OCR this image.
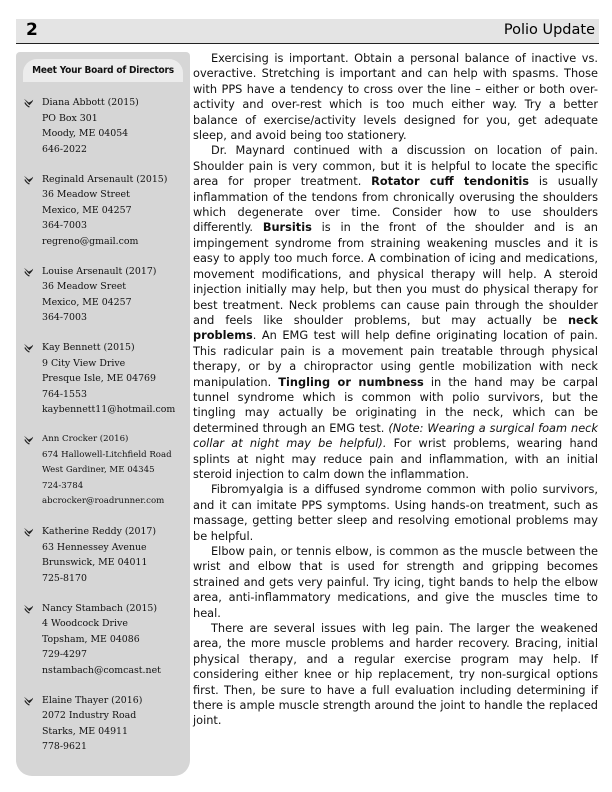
2	Polio Update
Meet Your Board of Directors
Diana Abbott (2015)
PO Box 301
Moody, ME 04054
646-2022
Reginald Arsenault (2015)
36 Meadow Street
Mexico, ME 04257
364-7003
regreno@gmail.com
Louise Arsenault (2017)
36 Meadow Sreet
Mexico, ME 04257
364-7003
Kay Bennett (2015)
9 City View Drive
Presque Isle, ME 04769
764-1553
kaybennett11@hotmail.com
Ann Crocker (2016)
674 Hallowell-Litchfield Road
West Gardiner, ME 04345
724-3784
abcrocker@roadrunner.com
Katherine Reddy (2017)
63 Hennessey Avenue
Brunswick, ME 04011
725-8170
Nancy Stambach (2015)
4 Woodcock Drive
Topsham, ME 04086
729-4297
nstambach@comcast.net
Elaine Thayer (2016)
2072 Industry Road
Starks, ME 04911
778-9621

Exercising is important. Obtain a personal balance of inactive vs. overactive. Stretching is important and can help with spasms. Those with PPS have a tendency to cross over the line – either or both over-activity and over-rest which is too much either way. Try a better balance of exercise/activity levels designed for you, get adequate sleep, and avoid being too stationery.

Dr. Maynard continued with a discussion on location of pain. Shoulder pain is very common, but it is helpful to locate the specific area for proper treatment. Rotator cuff tendonitis is usually inflammation of the tendons from chronically overusing the shoulders which degenerate over time. Consider how to use shoulders differently. Bursitis is in the front of the shoulder and is an impingement syndrome from straining weakening muscles and it is easy to apply too much force. A combination of icing and medications, movement modifications, and physical therapy will help. A steroid injection initially may help, but then you must do physical therapy for best treatment. Neck problems can cause pain through the shoulder and feels like shoulder problems, but may actually be neck problems. An EMG test will help define originating location of pain. This radicular pain is a movement pain treatable through physical therapy, or by a chiropractor using gentle mobilization with neck manipulation. Tingling or numbness in the hand may be carpal tunnel syndrome which is common with polio survivors, but the tingling may actually be originating in the neck, which can be determined through an EMG test. (Note: Wearing a surgical foam neck collar at night may be helpful). For wrist problems, wearing hand splints at night may reduce pain and inflammation, with an initial steroid injection to calm down the inflammation.

Fibromyalgia is a diffused syndrome common with polio survivors, and it can imitate PPS symptoms. Using hands-on treatment, such as massage, getting better sleep and resolving emotional problems may be helpful.

Elbow pain, or tennis elbow, is common as the muscle between the wrist and elbow that is used for strength and gripping becomes strained and gets very painful. Try icing, tight bands to help the elbow area, anti-inflammatory medications, and give the muscles time to heal.

There are several issues with leg pain. The larger the weakened area, the more muscle problems and harder recovery. Bracing, initial physical therapy, and a regular exercise program may help. If considering either knee or hip replacement, try non-surgical options first. Then, be sure to have a full evaluation including determining if there is ample muscle strength around the joint to handle the replaced joint.
